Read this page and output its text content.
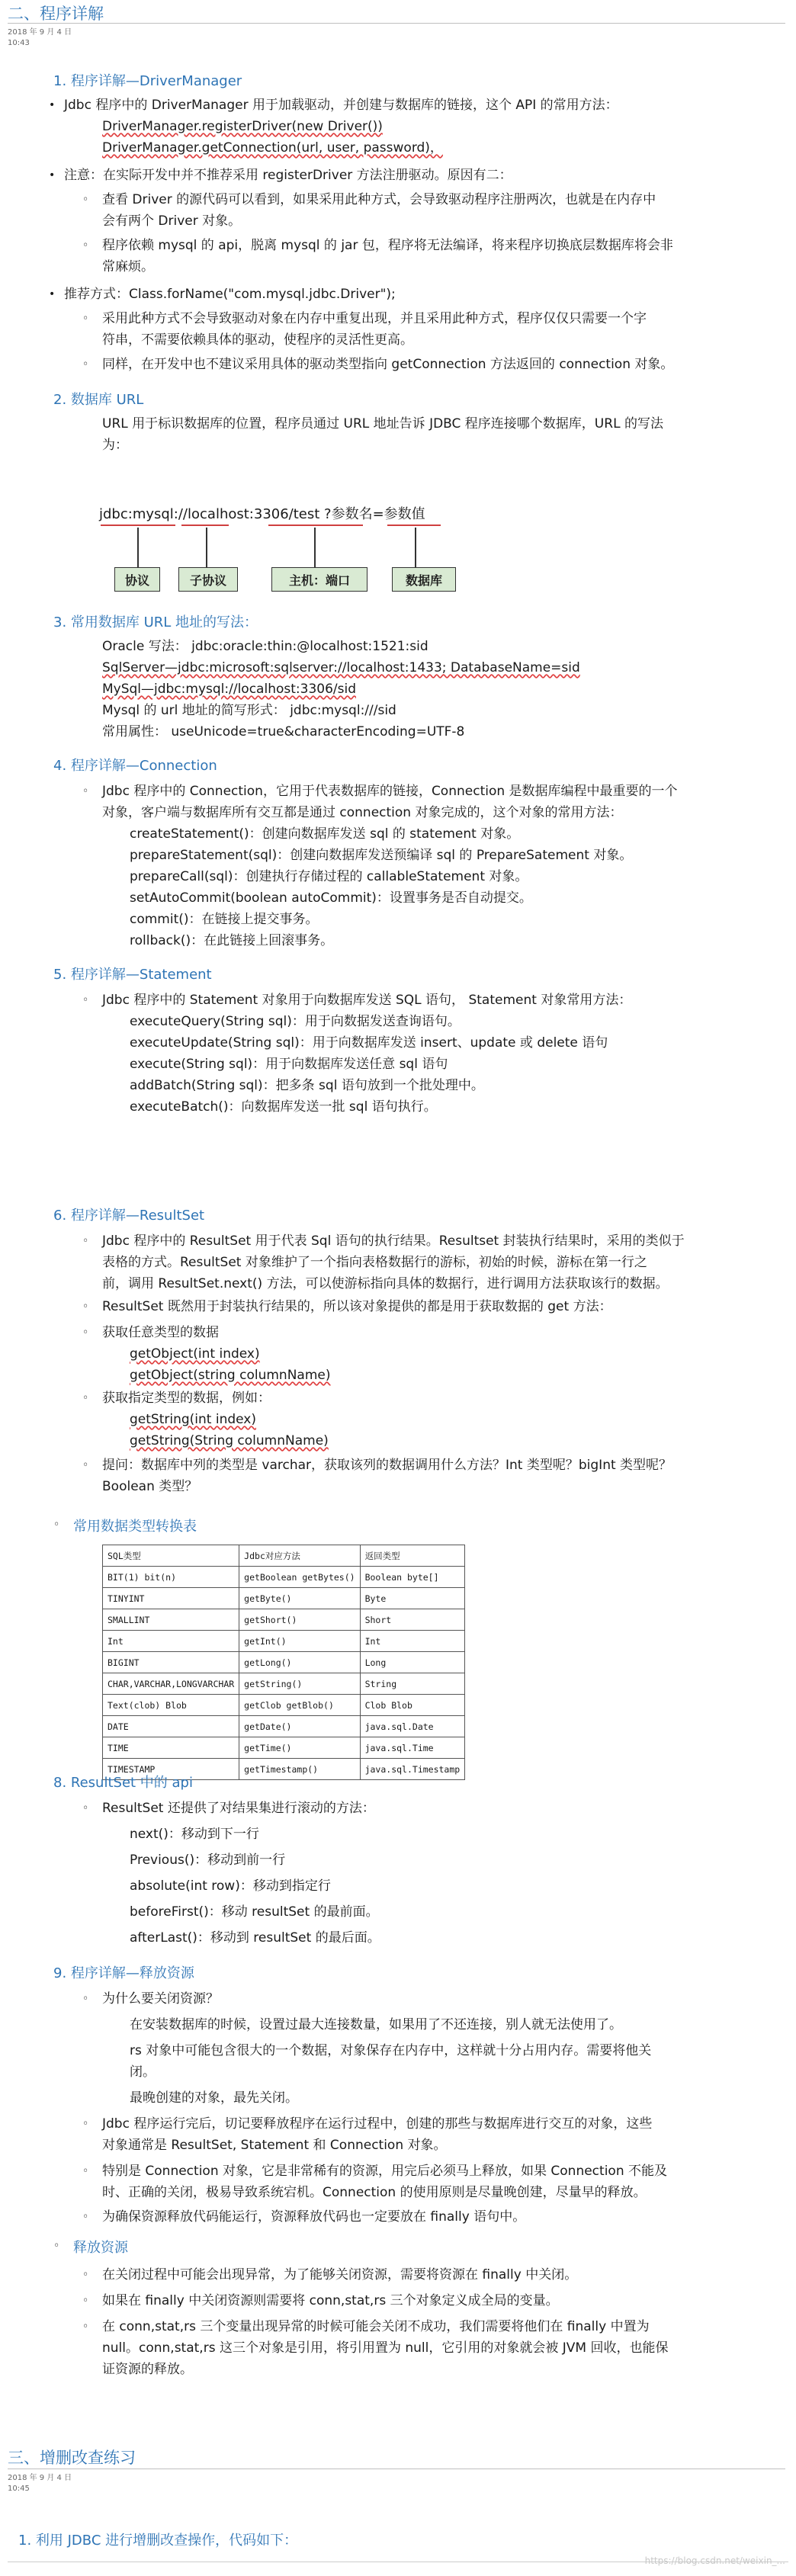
二、程序详解
2018 年 9 月 4 日
10:43
1. 程序详解—DriverManager
• Jdbc 程序中的 DriverManager 用于加载驱动，并创建与数据库的链接，这个 API 的常用方法：
DriverManager.registerDriver(new Driver())
DriverManager.getConnection(url, user, password)，
• 注意：在实际开发中并不推荐采用 registerDriver 方法注册驱动。原因有二：
◦ 查看 Driver 的源代码可以看到，如果采用此种方式，会导致驱动程序注册两次，也就是在内存中
会有两个 Driver 对象。
◦ 程序依赖 mysql 的 api，脱离 mysql 的 jar 包，程序将无法编译，将来程序切换底层数据库将会非
常麻烦。
• 推荐方式：Class.forName("com.mysql.jdbc.Driver");
◦ 采用此种方式不会导致驱动对象在内存中重复出现，并且采用此种方式，程序仅仅只需要一个字
符串，不需要依赖具体的驱动，使程序的灵活性更高。
◦ 同样，在开发中也不建议采用具体的驱动类型指向 getConnection 方法返回的 connection 对象。
2. 数据库 URL
URL 用于标识数据库的位置，程序员通过 URL 地址告诉 JDBC 程序连接哪个数据库，URL 的写法
为：
jdbc:mysql://localhost:3306/test ?参数名=参数值
协议	子协议	主机：端口	数据库
3. 常用数据库 URL 地址的写法：
Oracle 写法： jdbc:oracle:thin:@localhost:1521:sid
SqlServer—jdbc:microsoft:sqlserver://localhost:1433; DatabaseName=sid
MySql—jdbc:mysql://localhost:3306/sid
Mysql 的 url 地址的简写形式： jdbc:mysql:///sid
常用属性： useUnicode=true&characterEncoding=UTF-8
4. 程序详解—Connection
◦ Jdbc 程序中的 Connection，它用于代表数据库的链接，Connection 是数据库编程中最重要的一个
对象，客户端与数据库所有交互都是通过 connection 对象完成的，这个对象的常用方法：
createStatement()：创建向数据库发送 sql 的 statement 对象。
prepareStatement(sql)：创建向数据库发送预编译 sql 的 PrepareSatement 对象。
prepareCall(sql)：创建执行存储过程的 callableStatement 对象。
setAutoCommit(boolean autoCommit)：设置事务是否自动提交。
commit()：在链接上提交事务。
rollback()：在此链接上回滚事务。
5. 程序详解—Statement
◦ Jdbc 程序中的 Statement 对象用于向数据库发送 SQL 语句， Statement 对象常用方法：
executeQuery(String sql)：用于向数据发送查询语句。
executeUpdate(String sql)：用于向数据库发送 insert、update 或 delete 语句
execute(String sql)：用于向数据库发送任意 sql 语句
addBatch(String sql)：把多条 sql 语句放到一个批处理中。
executeBatch()：向数据库发送一批 sql 语句执行。
6. 程序详解—ResultSet
◦ Jdbc 程序中的 ResultSet 用于代表 Sql 语句的执行结果。Resultset 封装执行结果时，采用的类似于
表格的方式。ResultSet 对象维护了一个指向表格数据行的游标，初始的时候，游标在第一行之
前，调用 ResultSet.next() 方法，可以使游标指向具体的数据行，进行调用方法获取该行的数据。
◦ ResultSet 既然用于封装执行结果的，所以该对象提供的都是用于获取数据的 get 方法：
◦ 获取任意类型的数据
getObject(int index)
getObject(string columnName)
◦ 获取指定类型的数据，例如：
getString(int index)
getString(String columnName)
◦ 提问：数据库中列的类型是 varchar，获取该列的数据调用什么方法？Int 类型呢？bigInt 类型呢？
Boolean 类型？
◦ 常用数据类型转换表
SQL类型	Jdbc对应方法	返回类型
BIT(1) bit(n)	getBoolean getBytes()	Boolean byte[]
TINYINT	getByte()	Byte
SMALLINT	getShort()	Short
Int	getInt()	Int
BIGINT	getLong()	Long
CHAR,VARCHAR,LONGVARCHAR	getString()	String
Text(clob) Blob	getClob getBlob()	Clob Blob
DATE	getDate()	java.sql.Date
TIME	getTime()	java.sql.Time
TIMESTAMP	getTimestamp()	java.sql.Timestamp
8. ResultSet 中的 api
◦ ResultSet 还提供了对结果集进行滚动的方法：
next()：移动到下一行
Previous()：移动到前一行
absolute(int row)：移动到指定行
beforeFirst()：移动 resultSet 的最前面。
afterLast()：移动到 resultSet 的最后面。
9. 程序详解—释放资源
◦ 为什么要关闭资源？
在安装数据库的时候，设置过最大连接数量，如果用了不还连接，别人就无法使用了。
rs 对象中可能包含很大的一个数据，对象保存在内存中，这样就十分占用内存。需要将他关
闭。
最晚创建的对象，最先关闭。
◦ Jdbc 程序运行完后，切记要释放程序在运行过程中，创建的那些与数据库进行交互的对象，这些
对象通常是 ResultSet, Statement 和 Connection 对象。
◦ 特别是 Connection 对象，它是非常稀有的资源，用完后必须马上释放，如果 Connection 不能及
时、正确的关闭，极易导致系统宕机。Connection 的使用原则是尽量晚创建，尽量早的释放。
◦ 为确保资源释放代码能运行，资源释放代码也一定要放在 finally 语句中。
◦ 释放资源
◦ 在关闭过程中可能会出现异常，为了能够关闭资源，需要将资源在 finally 中关闭。
◦ 如果在 finally 中关闭资源则需要将 conn,stat,rs 三个对象定义成全局的变量。
◦ 在 conn,stat,rs 三个变量出现异常的时候可能会关闭不成功，我们需要将他们在 finally 中置为
null。conn,stat,rs 这三个对象是引用，将引用置为 null，它引用的对象就会被 JVM 回收，也能保
证资源的释放。
三、增删改查练习
2018 年 9 月 4 日
10:45
1. 利用 JDBC 进行增删改查操作，代码如下：
https://blog.csdn.net/weixin_...
